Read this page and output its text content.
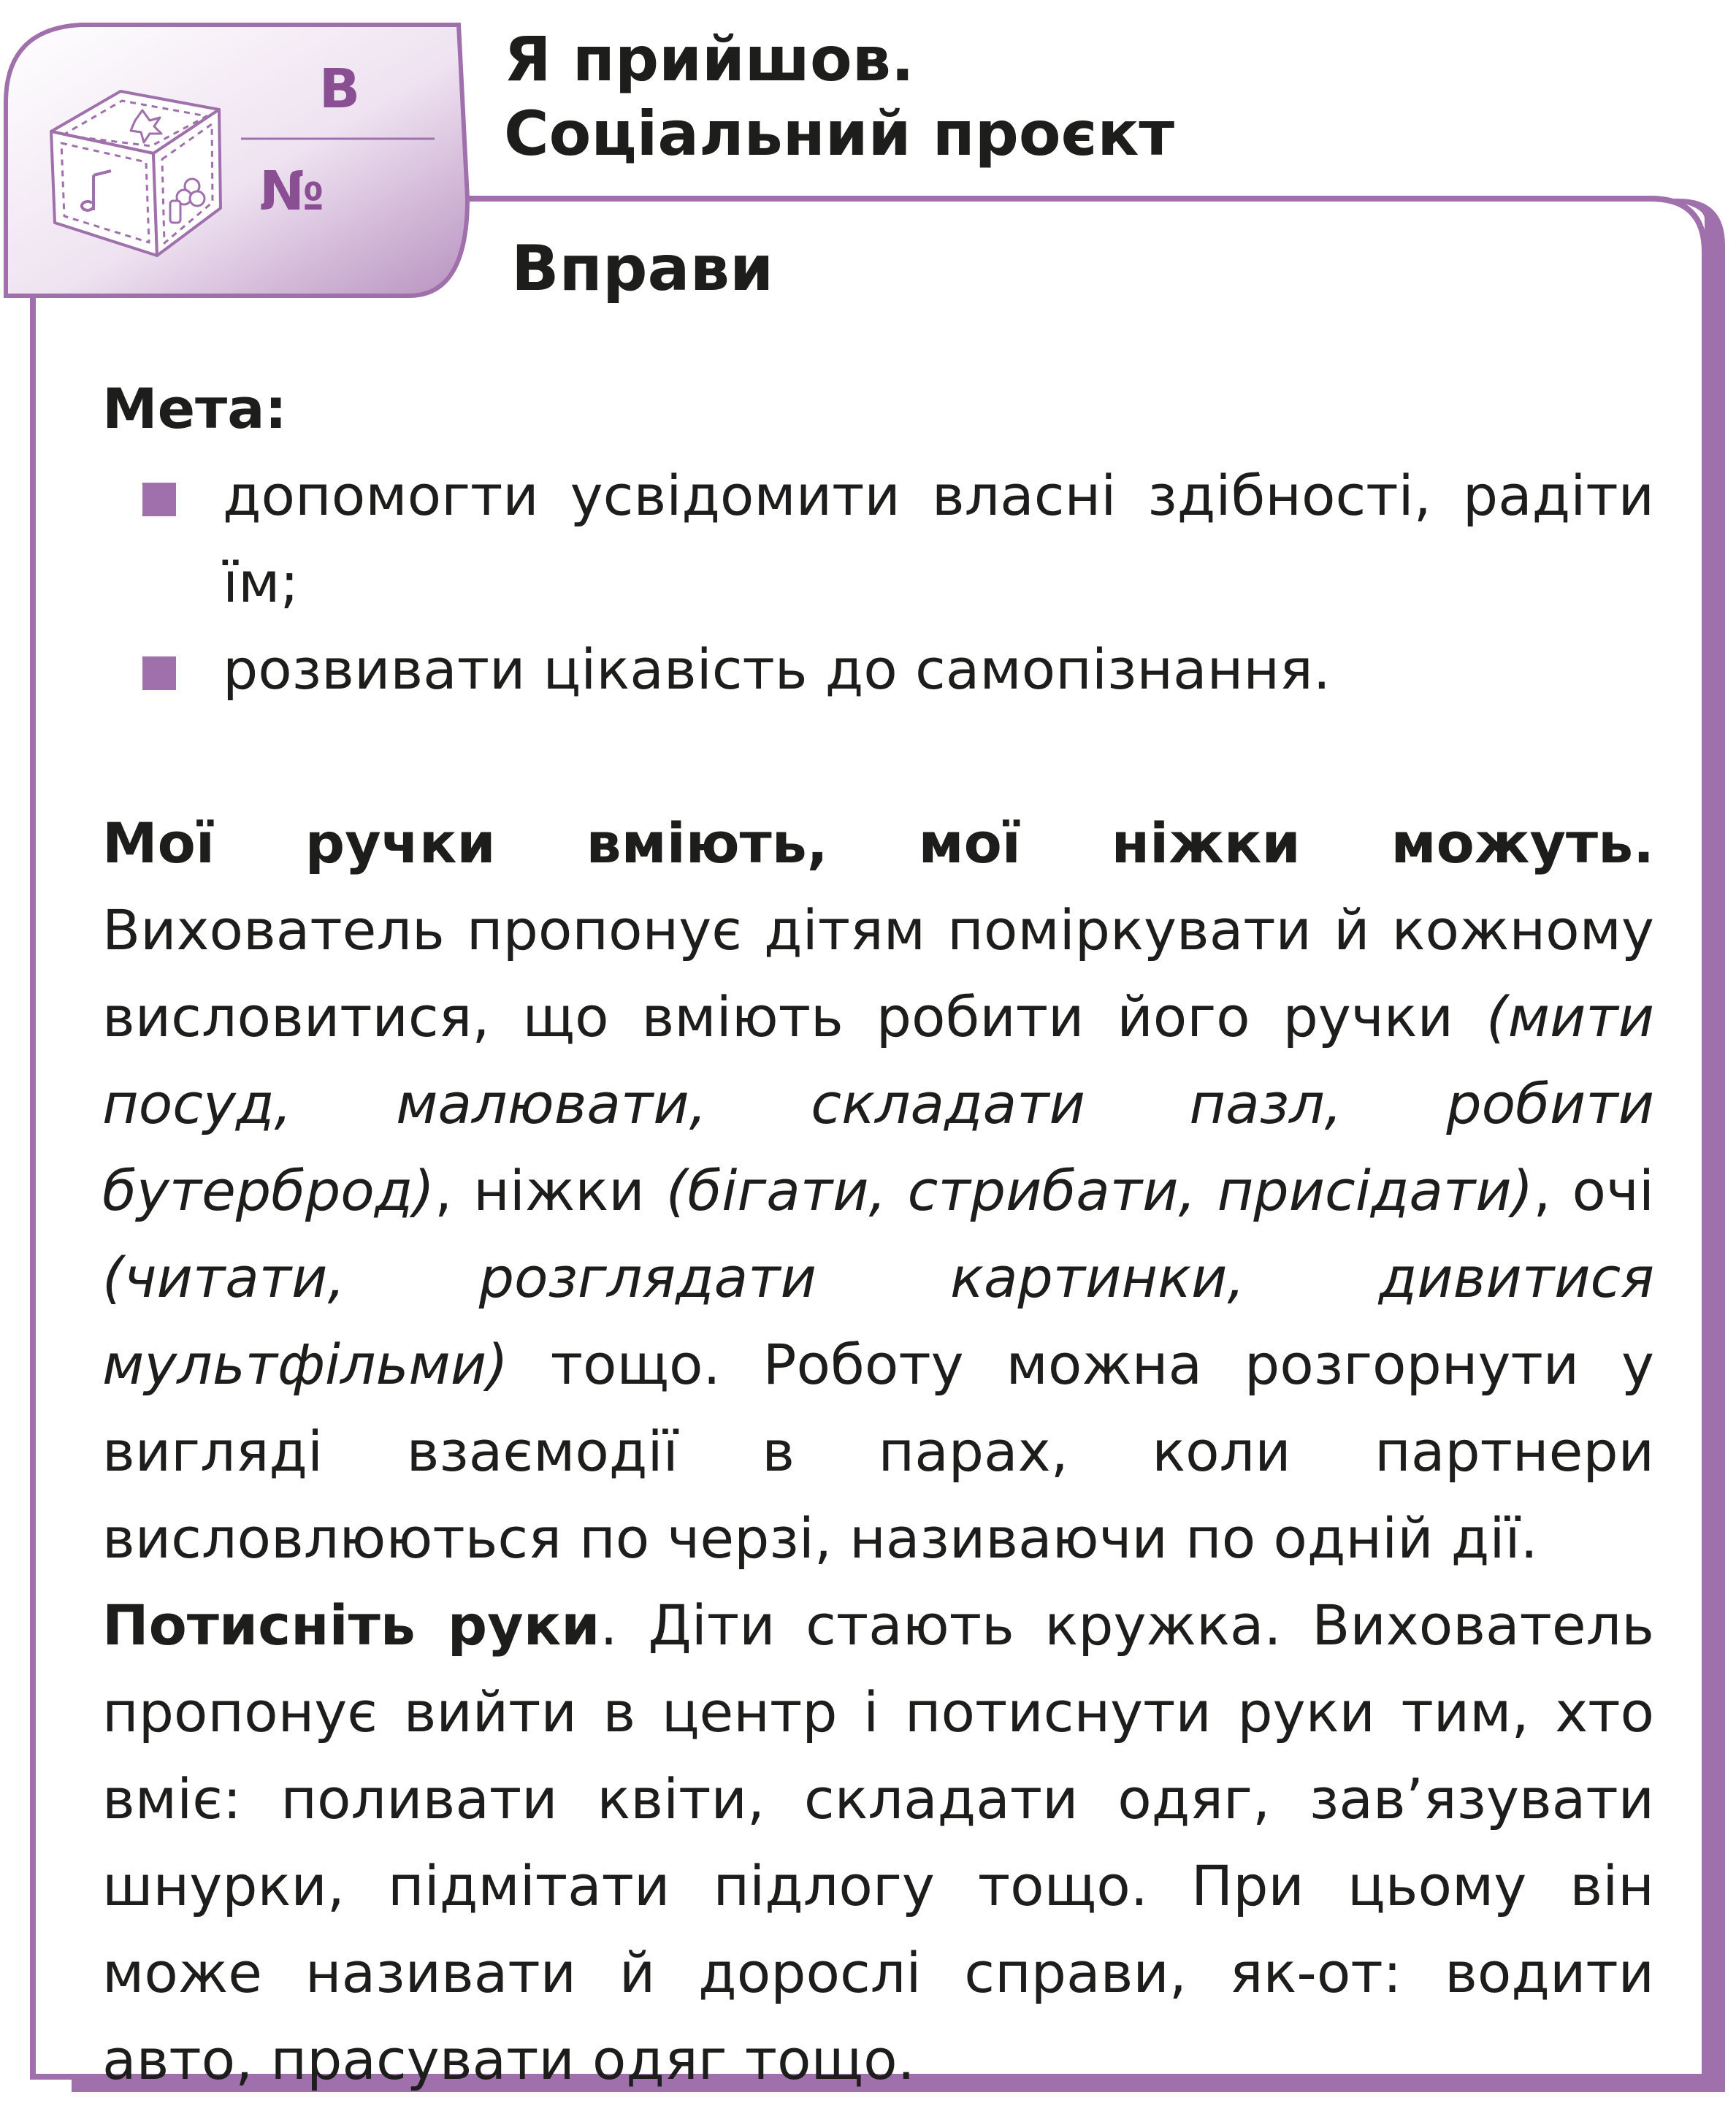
В
№
Я прийшов.
Соціальний проєкт
Вправи
Мета:
допомогти усвідомити власні здібності, радіти їм;
розвивати цікавість до самопізнання.

Мої ручки вміють, мої ніжки можуть. Вихователь пропонує дітям поміркувати й кожному висловитися, що вміють робити його ручки (мити посуд, малювати, складати пазл, робити бутерброд), ніжки (бігати, стрибати, присідати), очі (читати, розглядати картинки, дивитися мультфільми) тощо. Роботу можна розгорнути у вигляді взаємодії в парах, коли партнери висловлюються по черзі, називаючи по одній дії.

Потисніть руки. Діти стають кружка. Вихователь пропонує вийти в центр і потиснути руки тим, хто вміє: поливати квіти, складати одяг, зав’язувати шнурки, підмітати підлогу тощо. При цьому він може називати й дорослі справи, як-от: водити авто, прасувати одяг тощо.
